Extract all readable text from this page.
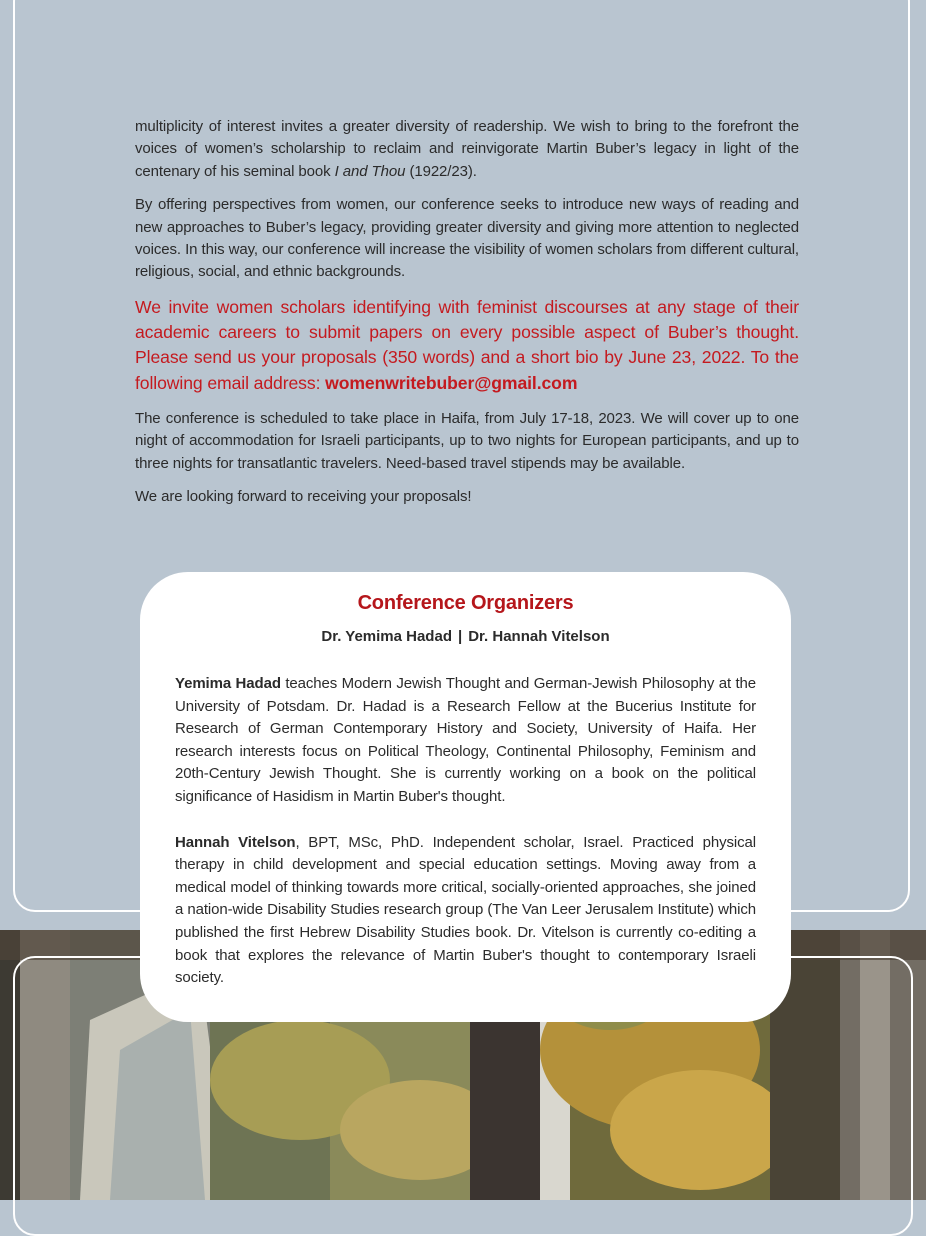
multiplicity of interest invites a greater diversity of readership. We wish to bring to the forefront the voices of women’s scholarship to reclaim and reinvigorate Martin Buber’s legacy in light of the centenary of his seminal book I and Thou (1922/23).

By offering perspectives from women, our conference seeks to introduce new ways of reading and new approaches to Buber’s legacy, providing greater diversity and giving more attention to neglected voices. In this way, our conference will increase the visibility of women scholars from different cultural, religious, social, and ethnic backgrounds.

We invite women scholars identifying with feminist discourses at any stage of their academic careers to submit papers on every possible aspect of Buber’s thought. Please send us your proposals (350 words) and a short bio by June 23, 2022. To the following email address: womenwritebuber@gmail.com

The conference is scheduled to take place in Haifa, from July 17-18, 2023. We will cover up to one night of accommodation for Israeli participants, up to two nights for European participants, and up to three nights for transatlantic travelers. Need-based travel stipends may be available.

We are looking forward to receiving your proposals!

Conference Organizers
Dr. Yemima Hadad | Dr. Hannah Vitelson

Yemima Hadad teaches Modern Jewish Thought and German-Jewish Philosophy at the University of Potsdam. Dr. Hadad is a Research Fellow at the Bucerius Institute for Research of German Contemporary History and Society, University of Haifa. Her research interests focus on Political Theology, Continental Philosophy, Feminism and 20th-Century Jewish Thought. She is currently working on a book on the political significance of Hasidism in Martin Buber's thought.

Hannah Vitelson, BPT, MSc, PhD. Independent scholar, Israel. Practiced physical therapy in child development and special education settings. Moving away from a medical model of thinking towards more critical, socially-oriented approaches, she joined a nation-wide Disability Studies research group (The Van Leer Jerusalem Institute) which published the first Hebrew Disability Studies book. Dr. Vitelson is currently co-editing a book that explores the relevance of Martin Buber's thought to contemporary Israeli society.
